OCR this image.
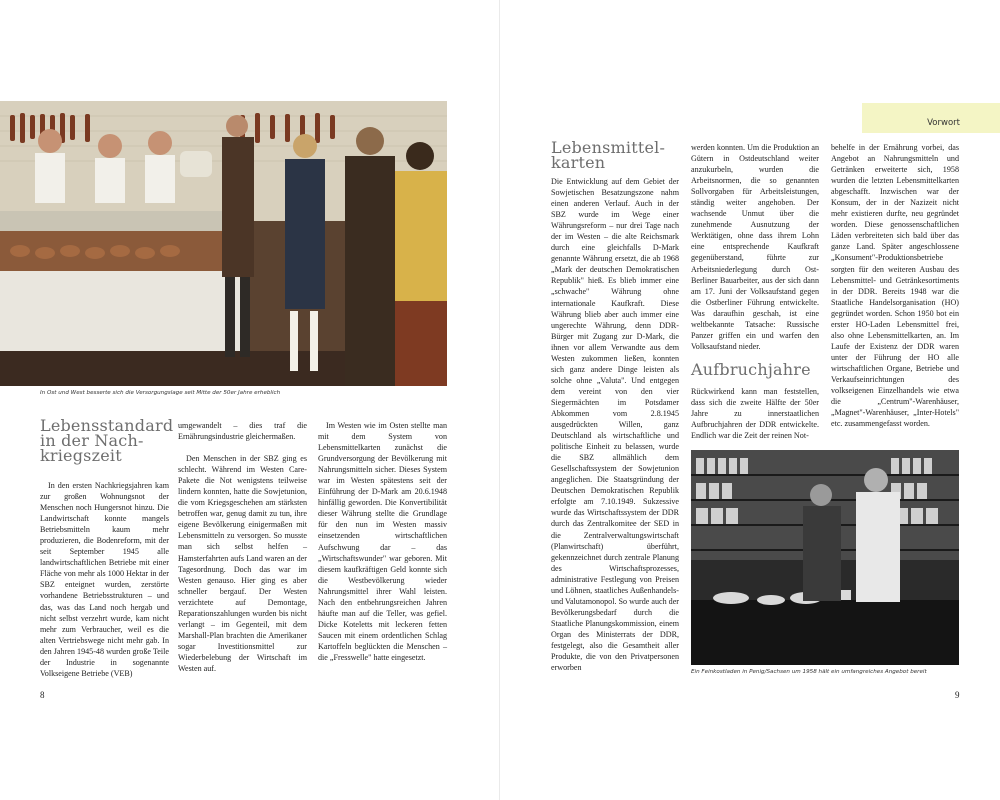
In Ost und West besserte sich die Versorgungslage seit Mitte der 50er Jahre erheblich
Lebensstandard
in der Nach-
kriegszeit

In den ersten Nachkriegsjahren kam zur großen Wohnungsnot der Menschen noch Hungersnot hinzu. Die Landwirtschaft konnte mangels Betriebsmitteln kaum mehr produzieren, die Bodenreform, mit der seit September 1945 alle landwirtschaftlichen Betriebe mit einer Fläche von mehr als 1000 Hektar in der SBZ enteignet wurden, zerstörte vorhandene Betriebsstrukturen – und das, was das Land noch hergab und nicht selbst verzehrt wurde, kam nicht mehr zum Verbraucher, weil es die alten Vertriebswege nicht mehr gab. In den Jahren 1945-48 wurden große Teile der Industrie in sogenannte Volkseigene Betriebe (VEB)

umgewandelt – dies traf die Ernährungsindustrie gleichermaßen.

Den Menschen in der SBZ ging es schlecht. Während im Westen Care-Pakete die Not wenigstens teilweise lindern konnten, hatte die Sowjetunion, die vom Kriegsgeschehen am stärksten betroffen war, genug damit zu tun, ihre eigene Bevölkerung einigermaßen mit Lebensmitteln zu versorgen. So musste man sich selbst helfen – Hamsterfahrten aufs Land waren an der Tagesordnung. Doch das war im Westen genauso. Hier ging es aber schneller bergauf. Der Westen verzichtete auf Demontage, Reparationszahlungen wurden bis nicht verlangt – im Gegenteil, mit dem Marshall-Plan brachten die Amerikaner sogar Investitionsmittel zur Wiederbelebung der Wirtschaft im Westen auf.

Im Westen wie im Osten stellte man mit dem System von Lebensmittelkarten zunächst die Grundversorgung der Bevölkerung mit Nahrungsmitteln sicher. Dieses System war im Westen spätestens seit der Einführung der D-Mark am 20.6.1948 hinfällig geworden. Die Konvertibilität dieser Währung stellte die Grundlage für den nun im Westen massiv einsetzenden wirtschaftlichen Aufschwung dar – das „Wirtschaftswunder" war geboren. Mit diesem kaufkräftigen Geld konnte sich die Westbevölkerung wieder Nahrungsmittel ihrer Wahl leisten. Nach den entbehrungsreichen Jahren häufte man auf die Teller, was gefiel. Dicke Koteletts mit leckeren fetten Saucen mit einem ordentlichen Schlag Kartoffeln beglückten die Menschen – die „Fresswelle" hatte eingesetzt.

8
Vorwort
Lebensmittel-
karten

Die Entwicklung auf dem Gebiet der Sowjetischen Besatzungszone nahm einen anderen Verlauf. Auch in der SBZ wurde im Wege einer Währungsreform – nur drei Tage nach der im Westen – die alte Reichsmark durch eine gleichfalls D-Mark genannte Währung ersetzt, die ab 1968 „Mark der deutschen Demokratischen Republik" hieß. Es blieb immer eine „schwache" Währung ohne internationale Kaufkraft. Diese Währung blieb aber auch immer eine ungerechte Währung, denn DDR-Bürger mit Zugang zur D-Mark, die ihnen vor allem Verwandte aus dem Westen zukommen ließen, konnten sich ganz andere Dinge leisten als solche ohne „Valuta". Und entgegen dem vereint von den vier Siegermächten im Potsdamer Abkommen vom 2.8.1945 ausgedrückten Willen, ganz Deutschland als wirtschaftliche und politische Einheit zu belassen, wurde die SBZ allmählich dem Gesellschaftssystem der Sowjetunion angeglichen. Die Staatsgründung der Deutschen Demokratischen Republik erfolgte am 7.10.1949. Sukzessive wurde das Wirtschaftssystem der DDR durch das Zentralkomitee der SED in die Zentralverwaltungswirtschaft (Planwirtschaft) überführt, gekennzeichnet durch zentrale Planung des Wirtschaftsprozesses, administrative Festlegung von Preisen und Löhnen, staatliches Außenhandels- und Valutamonopol. So wurde auch der Bevölkerungsbedarf durch die Staatliche Planungskommission, einem Organ des Ministerrats der DDR, festgelegt, also die Gesamtheit aller Produkte, die von den Privatpersonen erworben

werden konnten. Um die Produktion an Gütern in Ostdeutschland weiter anzukurbeln, wurden die Arbeitsnormen, die so genannten Sollvorgaben für Arbeitsleistungen, ständig weiter angehoben. Der wachsende Unmut über die zunehmende Ausnutzung der Werktätigen, ohne dass ihrem Lohn eine entsprechende Kaufkraft gegenüberstand, führte zur Arbeitsniederlegung durch Ost-Berliner Bauarbeiter, aus der sich dann am 17. Juni der Volksaufstand gegen die Ostberliner Führung entwickelte. Was daraufhin geschah, ist eine weltbekannte Tatsache: Russische Panzer griffen ein und warfen den Volksaufstand nieder.

Aufbruchjahre

Rückwirkend kann man feststellen, dass sich die zweite Hälfte der 50er Jahre zu innerstaatlichen Aufbruchjahren der DDR entwickelte. Endlich war die Zeit der reinen Not-

behelfe in der Ernährung vorbei, das Angebot an Nahrungsmitteln und Getränken erweiterte sich, 1958 wurden die letzten Lebensmittelkarten abgeschafft. Inzwischen war der Konsum, der in der Nazizeit nicht mehr existieren durfte, neu gegründet worden. Diese genossenschaftlichen Läden verbreiteten sich bald über das ganze Land. Später angeschlossene „Konsument"-Produktionsbetriebe sorgten für den weiteren Ausbau des Lebensmittel- und Getränkesortiments in der DDR. Bereits 1948 war die Staatliche Handelsorganisation (HO) gegründet worden. Schon 1950 bot ein erster HO-Laden Lebensmittel frei, also ohne Lebensmittelkarten, an. Im Laufe der Existenz der DDR waren unter der Führung der HO alle wirtschaftlichen Organe, Betriebe und Verkaufseinrichtungen des volkseigenen Einzelhandels wie etwa die „Centrum"-Warenhäuser, „Magnet"-Warenhäuser, „Inter-Hotels" etc. zusammengefasst worden.

Ein Feinkostladen in Penig/Sachsen um 1958 hält ein umfangreiches Angebot bereit
9
